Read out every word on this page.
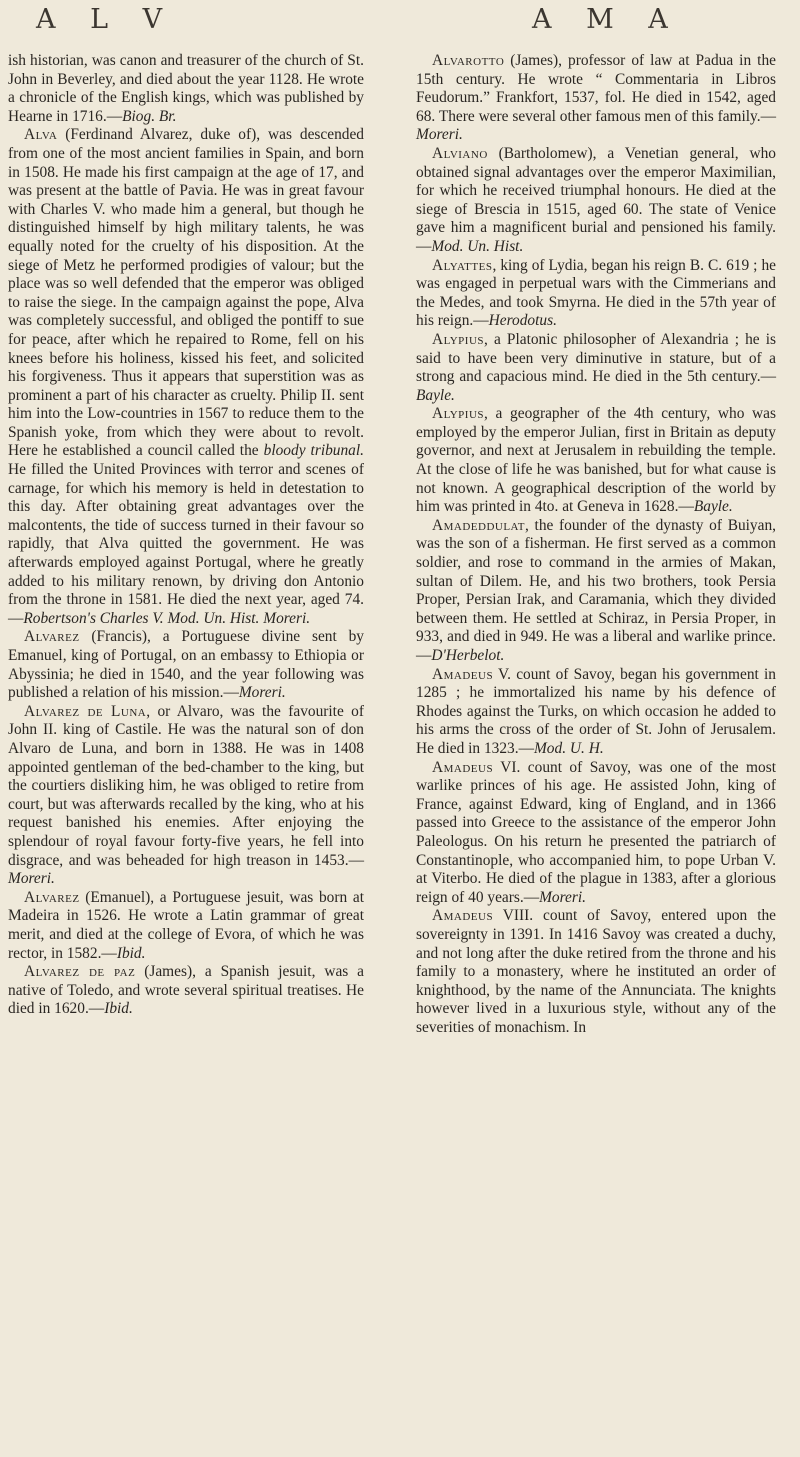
A L V	A M A

ish historian, was canon and treasurer of the church of St. John in Beverley, and died about the year 1128. He wrote a chronicle of the English kings, which was published by Hearne in 1716.—Biog. Br.

Alva (Ferdinand Alvarez, duke of), was descended from one of the most ancient families in Spain, and born in 1508. He made his first campaign at the age of 17, and was present at the battle of Pavia. He was in great favour with Charles V. who made him a general, but though he distinguished himself by high military talents, he was equally noted for the cruelty of his disposition. At the siege of Metz he performed prodigies of valour; but the place was so well defended that the emperor was obliged to raise the siege. In the campaign against the pope, Alva was completely successful, and obliged the pontiff to sue for peace, after which he repaired to Rome, fell on his knees before his holiness, kissed his feet, and solicited his forgiveness. Thus it appears that superstition was as prominent a part of his character as cruelty. Philip II. sent him into the Low-countries in 1567 to reduce them to the Spanish yoke, from which they were about to revolt. Here he established a council called the bloody tribunal. He filled the United Provinces with terror and scenes of carnage, for which his memory is held in detestation to this day. After obtaining great advantages over the malcontents, the tide of success turned in their favour so rapidly, that Alva quitted the government. He was afterwards employed against Portugal, where he greatly added to his military renown, by driving don Antonio from the throne in 1581. He died the next year, aged 74.—Robertson's Charles V. Mod. Un. Hist. Moreri.

Alvarez (Francis), a Portuguese divine sent by Emanuel, king of Portugal, on an embassy to Ethiopia or Abyssinia; he died in 1540, and the year following was published a relation of his mission.—Moreri.

Alvarez de Luna, or Alvaro, was the favourite of John II. king of Castile. He was the natural son of don Alvaro de Luna, and born in 1388. He was in 1408 appointed gentleman of the bed-chamber to the king, but the courtiers disliking him, he was obliged to retire from court, but was afterwards recalled by the king, who at his request banished his enemies. After enjoying the splendour of royal favour forty-five years, he fell into disgrace, and was beheaded for high treason in 1453.—Moreri.

Alvarez (Emanuel), a Portuguese jesuit, was born at Madeira in 1526. He wrote a Latin grammar of great merit, and died at the college of Evora, of which he was rector, in 1582.—Ibid.

Alvarez de paz (James), a Spanish jesuit, was a native of Toledo, and wrote several spiritual treatises. He died in 1620.—Ibid.

Alvarotto (James), professor of law at Padua in the 15th century. He wrote “ Commentaria in Libros Feudorum.” Frankfort, 1537, fol. He died in 1542, aged 68. There were several other famous men of this family.—Moreri.

Alviano (Bartholomew), a Venetian general, who obtained signal advantages over the emperor Maximilian, for which he received triumphal honours. He died at the siege of Brescia in 1515, aged 60. The state of Venice gave him a magnificent burial and pensioned his family.—Mod. Un. Hist.

Alyattes, king of Lydia, began his reign B. C. 619 ; he was engaged in perpetual wars with the Cimmerians and the Medes, and took Smyrna. He died in the 57th year of his reign.—Herodotus.

Alypius, a Platonic philosopher of Alexandria ; he is said to have been very diminutive in stature, but of a strong and capacious mind. He died in the 5th century.—Bayle.

Alypius, a geographer of the 4th century, who was employed by the emperor Julian, first in Britain as deputy governor, and next at Jerusalem in rebuilding the temple. At the close of life he was banished, but for what cause is not known. A geographical description of the world by him was printed in 4to. at Geneva in 1628.—Bayle.

Amadeddulat, the founder of the dynasty of Buiyan, was the son of a fisherman. He first served as a common soldier, and rose to command in the armies of Makan, sultan of Dilem. He, and his two brothers, took Persia Proper, Persian Irak, and Caramania, which they divided between them. He settled at Schiraz, in Persia Proper, in 933, and died in 949. He was a liberal and warlike prince.—D'Herbelot.

Amadeus V. count of Savoy, began his government in 1285 ; he immortalized his name by his defence of Rhodes against the Turks, on which occasion he added to his arms the cross of the order of St. John of Jerusalem. He died in 1323.—Mod. U. H.

Amadeus VI. count of Savoy, was one of the most warlike princes of his age. He assisted John, king of France, against Edward, king of England, and in 1366 passed into Greece to the assistance of the emperor John Paleologus. On his return he presented the patriarch of Constantinople, who accompanied him, to pope Urban V. at Viterbo. He died of the plague in 1383, after a glorious reign of 40 years.—Moreri.

Amadeus VIII. count of Savoy, entered upon the sovereignty in 1391. In 1416 Savoy was created a duchy, and not long after the duke retired from the throne and his family to a monastery, where he instituted an order of knighthood, by the name of the Annunciata. The knights however lived in a luxurious style, without any of the severities of monachism. In
